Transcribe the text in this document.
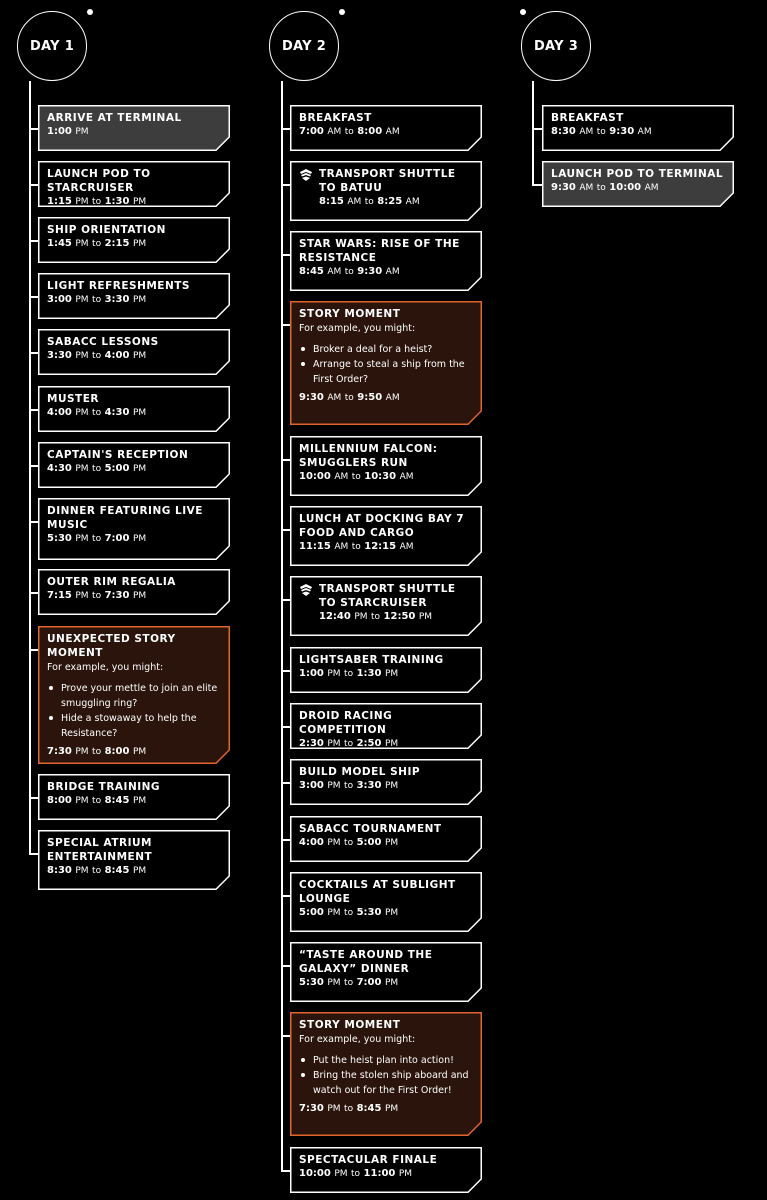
DAY 1
ARRIVE AT TERMINAL
1:00 PM
LAUNCH POD TO STARCRUISER
1:15 PM to 1:30 PM
SHIP ORIENTATION
1:45 PM to 2:15 PM
LIGHT REFRESHMENTS
3:00 PM to 3:30 PM
SABACC LESSONS
3:30 PM to 4:00 PM
MUSTER
4:00 PM to 4:30 PM
CAPTAIN'S RECEPTION
4:30 PM to 5:00 PM
DINNER FEATURING LIVE MUSIC
5:30 PM to 7:00 PM
OUTER RIM REGALIA
7:15 PM to 7:30 PM
UNEXPECTED STORY MOMENT
For example, you might:
Prove your mettle to join an elite smuggling ring?
Hide a stowaway to help the Resistance?
7:30 PM to 8:00 PM
BRIDGE TRAINING
8:00 PM to 8:45 PM
SPECIAL ATRIUM ENTERTAINMENT
8:30 PM to 8:45 PM
DAY 2
BREAKFAST
7:00 AM to 8:00 AM
TRANSPORT SHUTTLE TO BATUU
8:15 AM to 8:25 AM
STAR WARS: RISE OF THE RESISTANCE
8:45 AM to 9:30 AM
STORY MOMENT
For example, you might:
Broker a deal for a heist?
Arrange to steal a ship from the First Order?
9:30 AM to 9:50 AM
MILLENNIUM FALCON: SMUGGLERS RUN
10:00 AM to 10:30 AM
LUNCH AT DOCKING BAY 7 FOOD AND CARGO
11:15 AM to 12:15 AM
TRANSPORT SHUTTLE TO STARCRUISER
12:40 PM to 12:50 PM
LIGHTSABER TRAINING
1:00 PM to 1:30 PM
DROID RACING COMPETITION
2:30 PM to 2:50 PM
BUILD MODEL SHIP
3:00 PM to 3:30 PM
SABACC TOURNAMENT
4:00 PM to 5:00 PM
COCKTAILS AT SUBLIGHT LOUNGE
5:00 PM to 5:30 PM
“TASTE AROUND THE GALAXY” DINNER
5:30 PM to 7:00 PM
STORY MOMENT
For example, you might:
Put the heist plan into action!
Bring the stolen ship aboard and watch out for the First Order!
7:30 PM to 8:45 PM
SPECTACULAR FINALE
10:00 PM to 11:00 PM
DAY 3
BREAKFAST
8:30 AM to 9:30 AM
LAUNCH POD TO TERMINAL
9:30 AM to 10:00 AM
